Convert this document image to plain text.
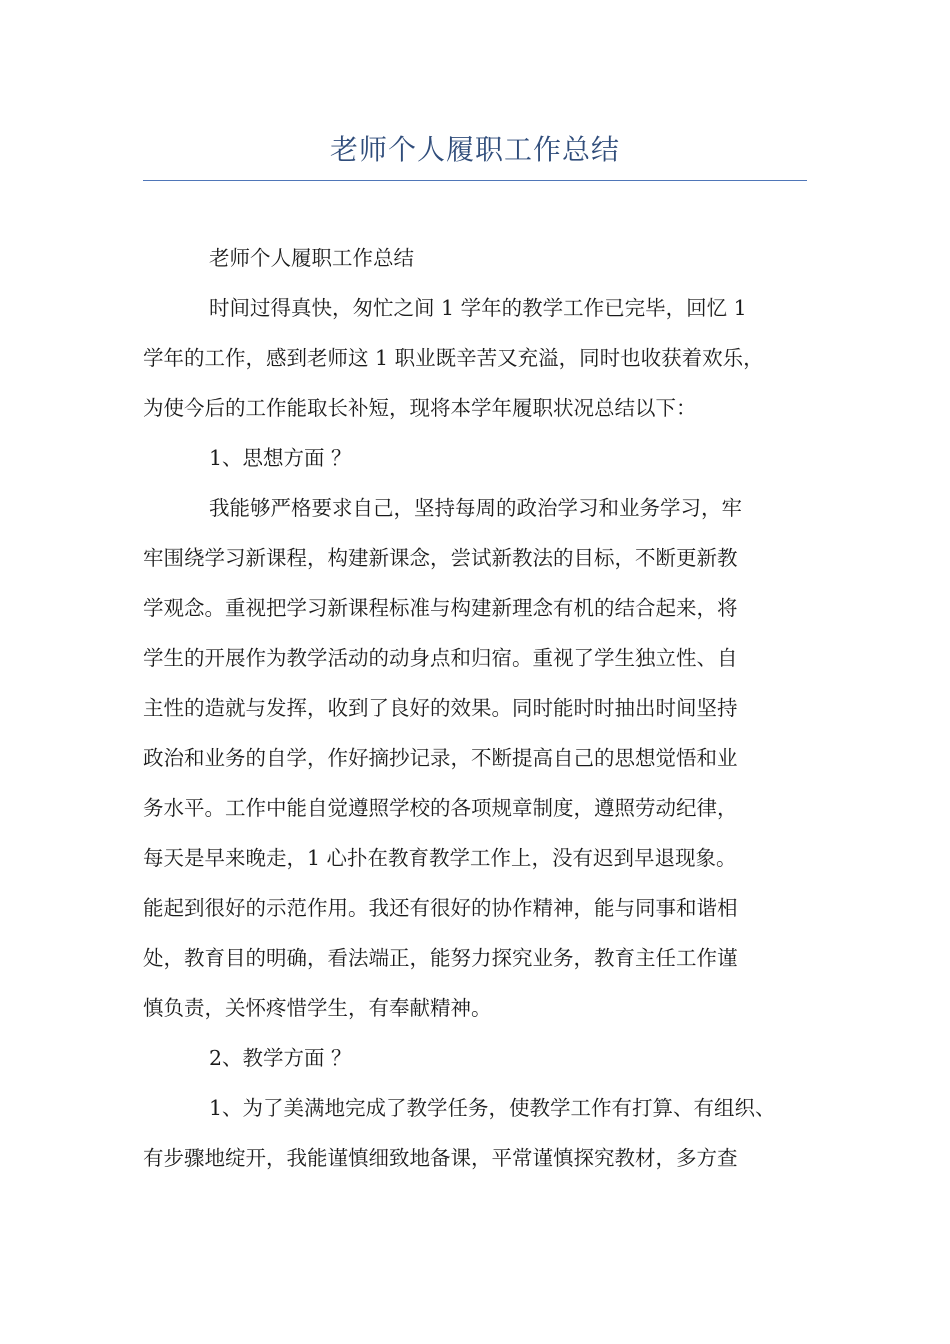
老师个人履职工作总结
老师个人履职工作总结
时间过得真快，匆忙之间 1 学年的教学工作已完毕，回忆 1
学年的工作，感到老师这 1 职业既辛苦又充溢，同时也收获着欢乐，
为使今后的工作能取长补短，现将本学年履职状况总结以下：
1、思想方面 ？
我能够严格要求自己，坚持每周的政治学习和业务学习，牢
牢围绕学习新课程，构建新课念，尝试新教法的目标，不断更新教
学观念。重视把学习新课程标准与构建新理念有机的结合起来，将
学生的开展作为教学活动的动身点和归宿。重视了学生独立性、自
主性的造就与发挥，收到了良好的效果。同时能时时抽出时间坚持
政治和业务的自学，作好摘抄记录，不断提高自己的思想觉悟和业
务水平。工作中能自觉遵照学校的各项规章制度，遵照劳动纪律，
每天是早来晚走，1 心扑在教育教学工作上，没有迟到早退现象。
能起到很好的示范作用。我还有很好的协作精神，能与同事和谐相
处，教育目的明确，看法端正，能努力探究业务，教育主任工作谨
慎负责，关怀疼惜学生，有奉献精神。
2、教学方面 ？
1、为了美满地完成了教学任务，使教学工作有打算、有组织、
有步骤地绽开，我能谨慎细致地备课，平常谨慎探究教材，多方查
